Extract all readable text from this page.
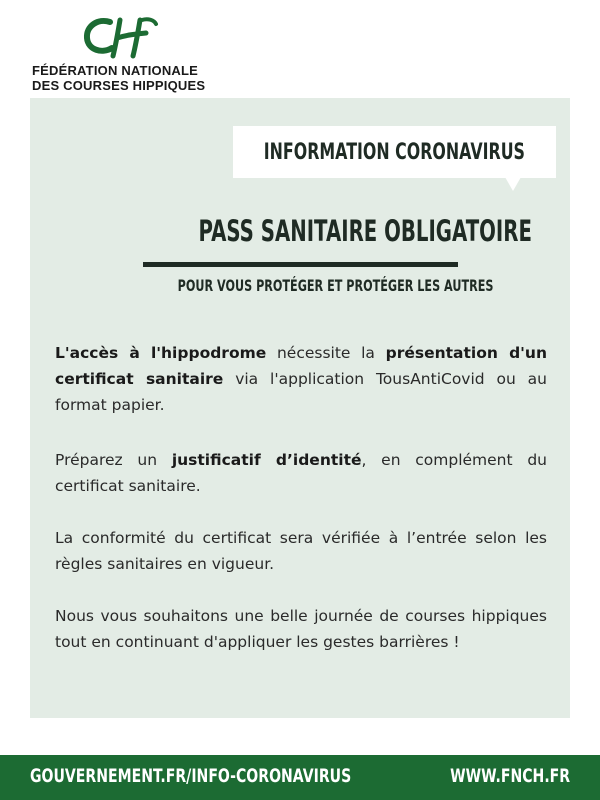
FÉDÉRATION NATIONALE
DES COURSES HIPPIQUES
INFORMATION CORONAVIRUS
PASS SANITAIRE OBLIGATOIRE
POUR VOUS PROTÉGER ET PROTÉGER LES AUTRES
L'accès à l'hippodrome nécessite la présentation d'un certificat sanitaire via l'application TousAntiCovid ou au format papier.
Préparez un justificatif d’identité, en complément du certificat sanitaire.
La conformité du certificat sera vérifiée à l’entrée selon les règles sanitaires en vigueur.
Nous vous souhaitons une belle journée de courses hippiques tout en continuant d'appliquer les gestes barrières !
GOUVERNEMENT.FR/INFO-CORONAVIRUS	WWW.FNCH.FR
